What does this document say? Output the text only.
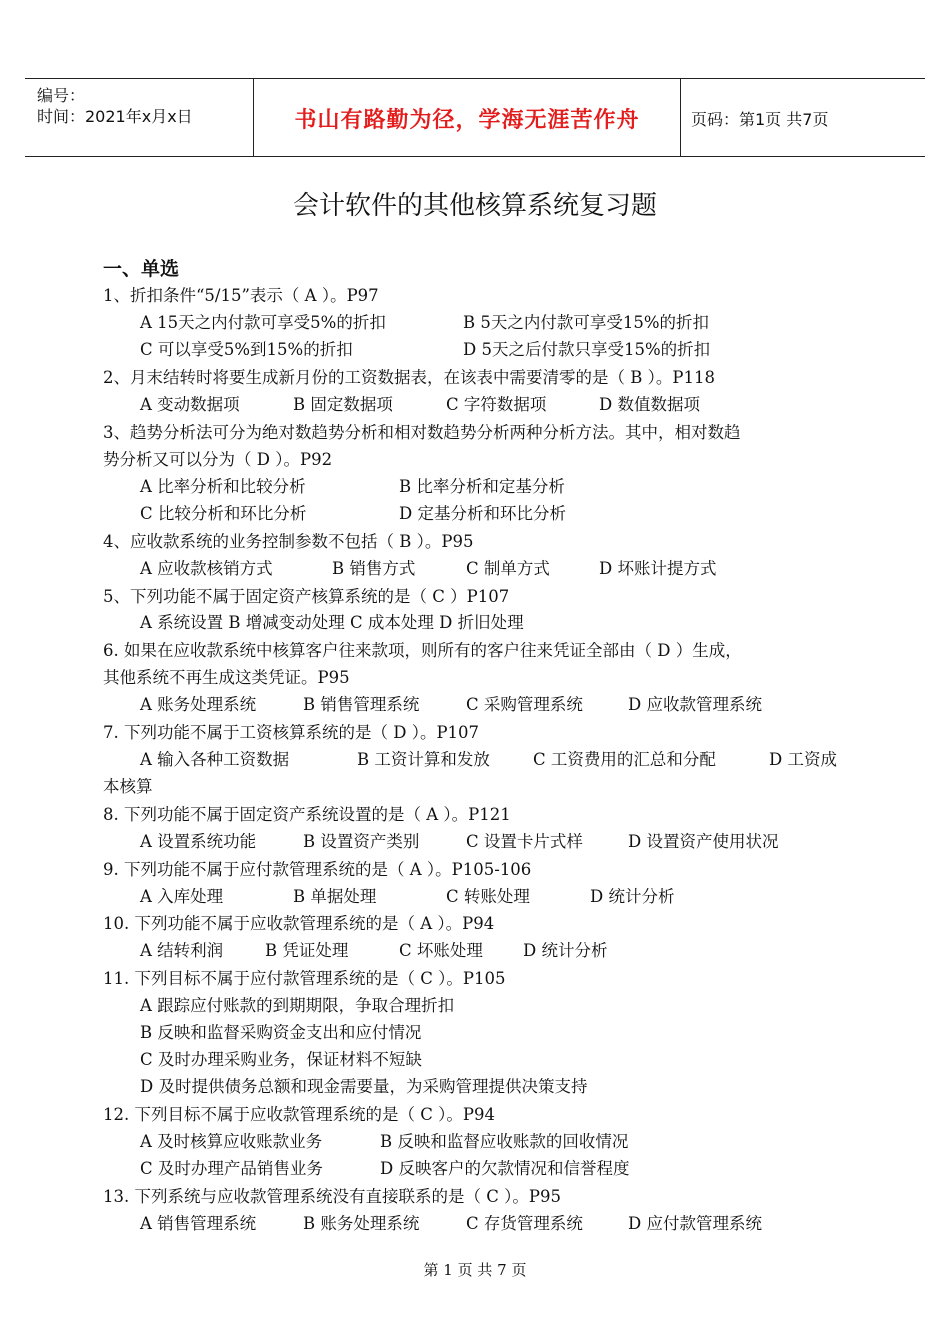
编号：
时间：2021年x月x日	书山有路勤为径，学海无涯苦作舟	页码：第1页 共7页
会计软件的其他核算系统复习题
一、单选
1、折扣条件“5/15”表示（ A ）。P97
A 15天之内付款可享受5%的折扣	B 5天之内付款可享受15%的折扣
C 可以享受5%到15%的折扣	D 5天之后付款只享受15%的折扣
2、月末结转时将要生成新月份的工资数据表，在该表中需要清零的是（ B ）。P118
A 变动数据项	B 固定数据项	C 字符数据项	D 数值数据项
3、趋势分析法可分为绝对数趋势分析和相对数趋势分析两种分析方法。其中，相对数趋
势分析又可以分为（ D ）。P92
A 比率分析和比较分析	B 比率分析和定基分析
C 比较分析和环比分析	D 定基分析和环比分析
4、应收款系统的业务控制参数不包括（ B ）。P95
A 应收款核销方式	B 销售方式	C 制单方式	D 坏账计提方式
5、下列功能不属于固定资产核算系统的是（ C ）P107
A 系统设置 B 增减变动处理 C 成本处理 D 折旧处理
6. 如果在应收款系统中核算客户往来款项，则所有的客户往来凭证全部由（ D ）生成，
其他系统不再生成这类凭证。P95
A 账务处理系统	B 销售管理系统	C 采购管理系统	D 应收款管理系统
7. 下列功能不属于工资核算系统的是（ D ）。P107
A 输入各种工资数据	B 工资计算和发放	C 工资费用的汇总和分配	D 工资成
本核算
8. 下列功能不属于固定资产系统设置的是（ A ）。P121
A 设置系统功能	B 设置资产类别	C 设置卡片式样	D 设置资产使用状况
9. 下列功能不属于应付款管理系统的是（ A ）。P105-106
A 入库处理	B 单据处理	C 转账处理	D 统计分析
10. 下列功能不属于应收款管理系统的是（ A ）。P94
A 结转利润	B 凭证处理	C 坏账处理 D 统计分析
11. 下列目标不属于应付款管理系统的是（ C ）。P105
A 跟踪应付账款的到期期限，争取合理折扣
B 反映和监督采购资金支出和应付情况
C 及时办理采购业务，保证材料不短缺
D 及时提供债务总额和现金需要量，为采购管理提供决策支持
12. 下列目标不属于应收款管理系统的是（ C ）。P94
A 及时核算应收账款业务	B 反映和监督应收账款的回收情况
C 及时办理产品销售业务	D 反映客户的欠款情况和信誉程度
13. 下列系统与应收款管理系统没有直接联系的是（ C ）。P95
A 销售管理系统	B 账务处理系统	C 存货管理系统	D 应付款管理系统
第 1 页 共 7 页
